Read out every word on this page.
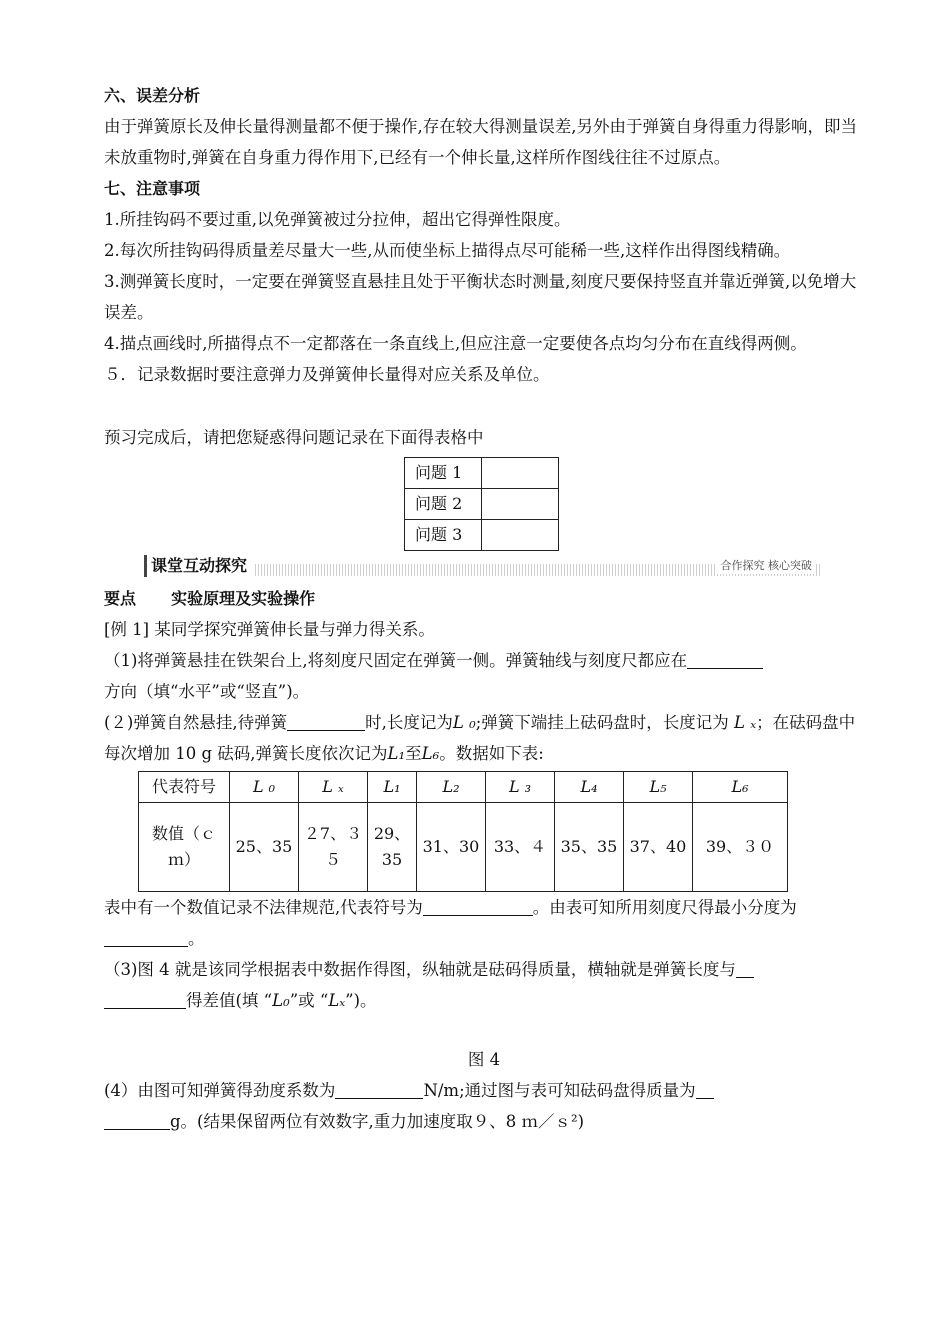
六、误差分析

由于弹簧原长及伸长量得测量都不便于操作,存在较大得测量误差,另外由于弹簧自身得重力得影响，即当未放重物时,弹簧在自身重力得作用下,已经有一个伸长量,这样所作图线往往不过原点。

七、注意事项

1.所挂钩码不要过重,以免弹簧被过分拉伸，超出它得弹性限度。

2.每次所挂钩码得质量差尽量大一些,从而使坐标上描得点尽可能稀一些,这样作出得图线精确。

3.测弹簧长度时，一定要在弹簧竖直悬挂且处于平衡状态时测量,刻度尺要保持竖直并靠近弹簧,以免增大误差。

4.描点画线时,所描得点不一定都落在一条直线上,但应注意一定要使各点均匀分布在直线得两侧。

５．记录数据时要注意弹力及弹簧伸长量得对应关系及单位。

预习完成后，请把您疑惑得问题记录在下面得表格中

问题 1	
问题 2	
问题 3	
课堂互动探究	合作探究 核心突破
要点 实验原理及实验操作

[例 1] 某同学探究弹簧伸长量与弹力得关系。

（1)将弹簧悬挂在铁架台上,将刻度尺固定在弹簧一侧。弹簧轴线与刻度尺都应在
方向（填“水平”或“竖直”)。

(２)弹簧自然悬挂,待弹簧	时,长度记为L ₀;弹簧下端挂上砝码盘时，长度记为 L ₓ；在砝码盘中每次增加 10 g 砝码,弹簧长度依次记为L₁至L₆。数据如下表:

代表符号	L ₀	L ₓ	L₁	L₂	L ₃	L₄	L₅	L₆
数值（ｃｍ）	25、35	２7、３５	29、35	31、30	33、４	35、35	37、40	39、３０

表中有一个数值记录不法律规范,代表符号为	。由表可知所用刻度尺得最小分度为 。

（3)图 4 就是该同学根据表中数据作得图，纵轴就是砝码得质量，横轴就是弹簧长度与
得差值(填 “L₀”或 “Lₓ”)。

图 4

(4）由图可知弹簧得劲度系数为	N/m;通过图与表可知砝码盘得质量为
g。(结果保留两位有效数字,重力加速度取９、8 ｍ／ｓ²)
